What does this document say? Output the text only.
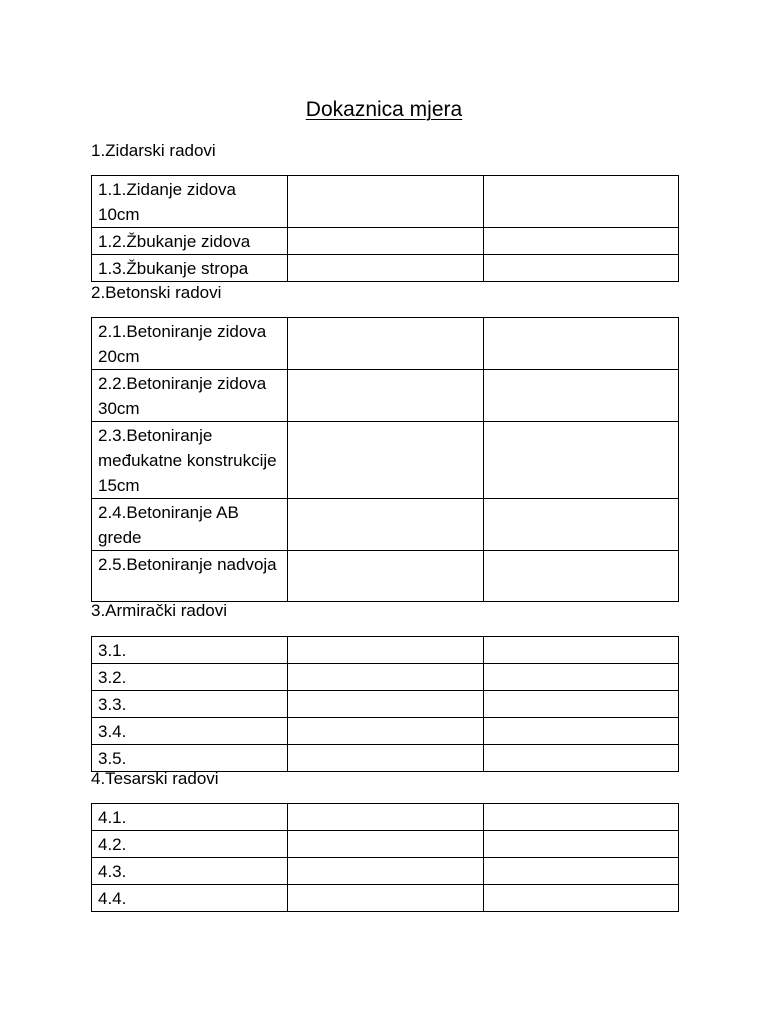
Dokaznica mjera
1.Zidarski radovi
1.1.Zidanje zidova 10cm		
1.2.Žbukanje zidova		
1.3.Žbukanje stropa		
2.Betonski radovi
2.1.Betoniranje zidova 20cm		
2.2.Betoniranje zidova 30cm		
2.3.Betoniranje međukatne konstrukcije 15cm		
2.4.Betoniranje AB grede		
2.5.Betoniranje nadvoja		
3.Armirački radovi
3.1.		
3.2.		
3.3.		
3.4.		
3.5.		
4.Tesarski radovi
4.1.		
4.2.		
4.3.		
4.4.		
